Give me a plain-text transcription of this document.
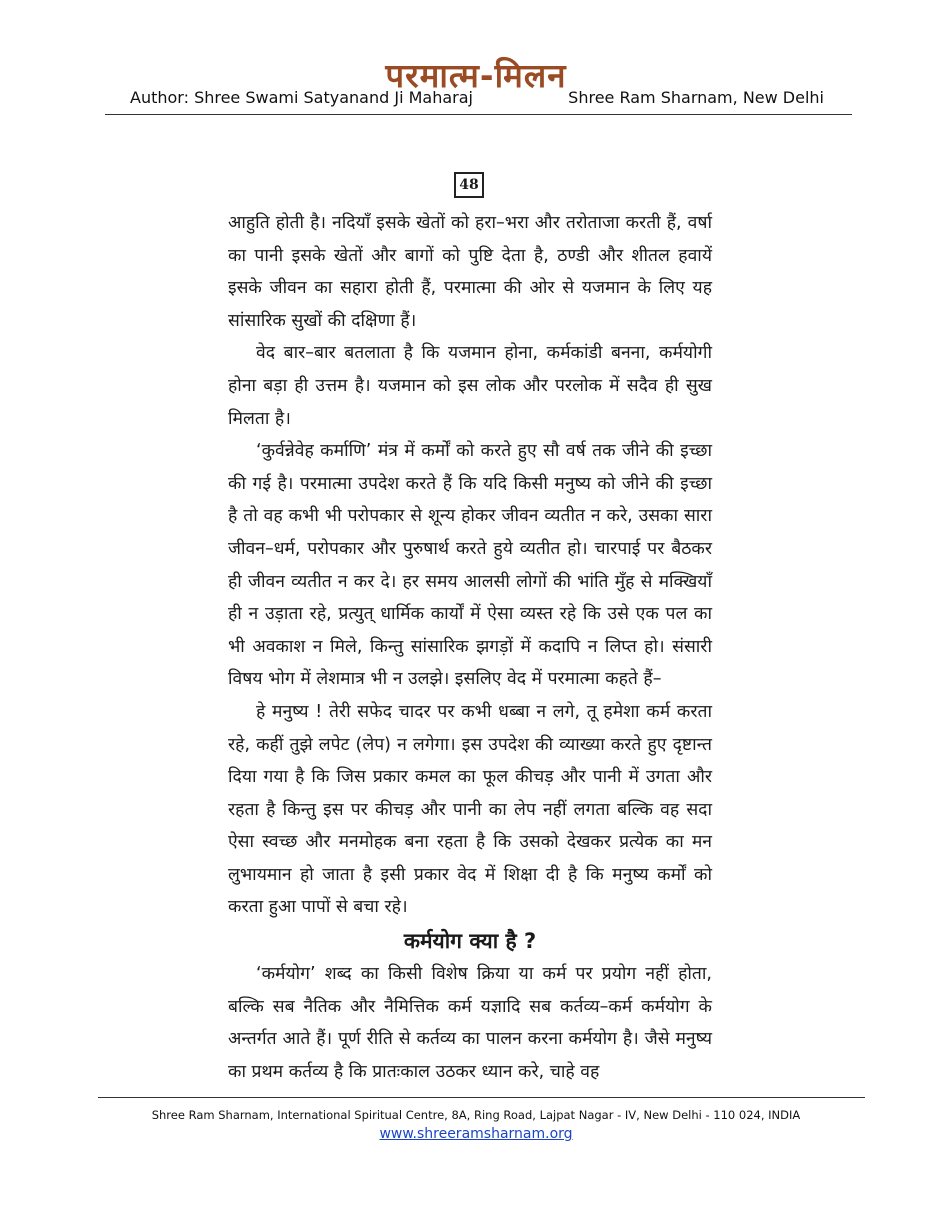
परमात्म-मिलन
Author: Shree Swami Satyanand Ji Maharaj	Shree Ram Sharnam, New Delhi
48

आहुति होती है। नदियाँ इसके खेतों को हरा–भरा और तरोताजा करती हैं, वर्षा का पानी इसके खेतों और बागों को पुष्टि देता है, ठण्डी और शीतल हवायें इसके जीवन का सहारा होती हैं, परमात्मा की ओर से यजमान के लिए यह सांसारिक सुखों की दक्षिणा हैं।

वेद बार–बार बतलाता है कि यजमान होना, कर्मकांडी बनना, कर्मयोगी होना बड़ा ही उत्तम है। यजमान को इस लोक और परलोक में सदैव ही सुख मिलता है।

‘कुर्वन्नेवेह कर्माणि’ मंत्र में कर्मों को करते हुए सौ वर्ष तक जीने की इच्छा की गई है। परमात्मा उपदेश करते हैं कि यदि किसी मनुष्य को जीने की इच्छा है तो वह कभी भी परोपकार से शून्य होकर जीवन व्यतीत न करे, उसका सारा जीवन–धर्म, परोपकार और पुरुषार्थ करते हुये व्यतीत हो। चारपाई पर बैठकर ही जीवन व्यतीत न कर दे। हर समय आलसी लोगों की भांति मुँह से मक्खियाँ ही न उड़ाता रहे, प्रत्युत् धार्मिक कार्यों में ऐसा व्यस्त रहे कि उसे एक पल का भी अवकाश न मिले, किन्तु सांसारिक झगड़ों में कदापि न लिप्त हो। संसारी विषय भोग में लेशमात्र भी न उलझे। इसलिए वेद में परमात्मा कहते हैं–

हे मनुष्य ! तेरी सफेद चादर पर कभी धब्बा न लगे, तू हमेशा कर्म करता रहे, कहीं तुझे लपेट (लेप) न लगेगा। इस उपदेश की व्याख्या करते हुए दृष्टान्त दिया गया है कि जिस प्रकार कमल का फूल कीचड़ और पानी में उगता और रहता है किन्तु इस पर कीचड़ और पानी का लेप नहीं लगता बल्कि वह सदा ऐसा स्वच्छ और मनमोहक बना रहता है कि उसको देखकर प्रत्येक का मन लुभायमान हो जाता है इसी प्रकार वेद में शिक्षा दी है कि मनुष्य कर्मों को करता हुआ पापों से बचा रहे।

कर्मयोग क्या है ?

‘कर्मयोग’ शब्द का किसी विशेष क्रिया या कर्म पर प्रयोग नहीं होता, बल्कि सब नैतिक और नैमित्तिक कर्म यज्ञादि सब कर्तव्य–कर्म कर्मयोग के अन्तर्गत आते हैं। पूर्ण रीति से कर्तव्य का पालन करना कर्मयोग है। जैसे मनुष्य का प्रथम कर्तव्य है कि प्रातःकाल उठकर ध्यान करे, चाहे वह

Shree Ram Sharnam, International Spiritual Centre, 8A, Ring Road, Lajpat Nagar - IV, New Delhi - 110 024, INDIA
www.shreeramsharnam.org
